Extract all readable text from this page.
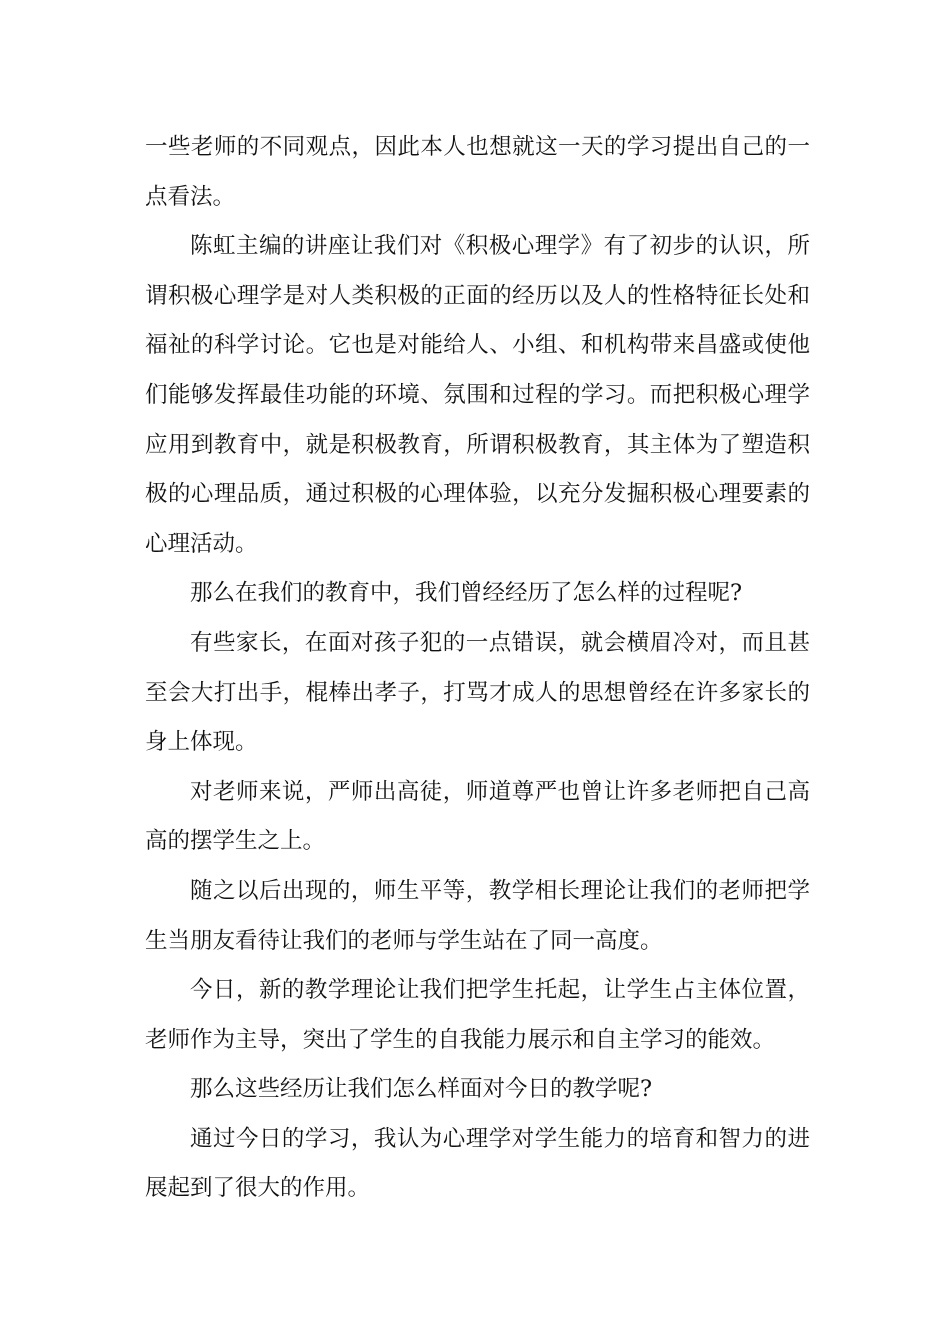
一些老师的不同观点，因此本人也想就这一天的学习提出自己的一点看法。

陈虹主编的讲座让我们对《积极心理学》有了初步的认识，所谓积极心理学是对人类积极的正面的经历以及人的性格特征长处和福祉的科学讨论。它也是对能给人、小组、和机构带来昌盛或使他们能够发挥最佳功能的环境、氛围和过程的学习。而把积极心理学应用到教育中，就是积极教育，所谓积极教育，其主体为了塑造积极的心理品质，通过积极的心理体验，以充分发掘积极心理要素的心理活动。

那么在我们的教育中，我们曾经经历了怎么样的过程呢?

有些家长，在面对孩子犯的一点错误，就会横眉冷对，而且甚至会大打出手，棍棒出孝子，打骂才成人的思想曾经在许多家长的身上体现。

对老师来说，严师出高徒，师道尊严也曾让许多老师把自己高高的摆学生之上。

随之以后出现的，师生平等，教学相长理论让我们的老师把学生当朋友看待让我们的老师与学生站在了同一高度。

今日，新的教学理论让我们把学生托起，让学生占主体位置，老师作为主导，突出了学生的自我能力展示和自主学习的能效。

那么这些经历让我们怎么样面对今日的教学呢?

通过今日的学习，我认为心理学对学生能力的培育和智力的进展起到了很大的作用。
